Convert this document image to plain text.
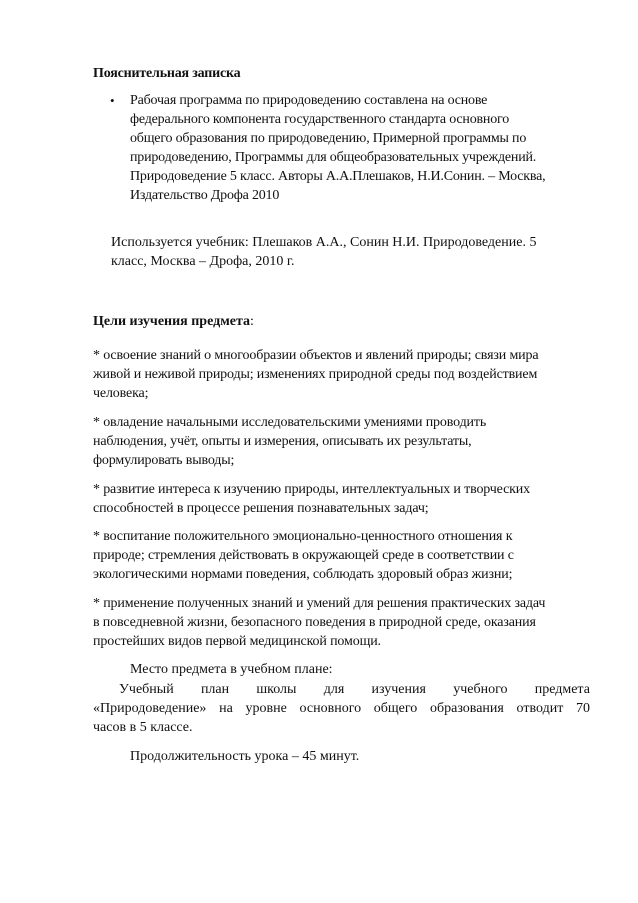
Пояснительная записка
• Рабочая программа по природоведению составлена на основе
федерального компонента государственного стандарта основного
общего образования по природоведению, Примерной программы по
природоведению, Программы для общеобразовательных учреждений.
Природоведение 5 класс. Авторы А.А.Плешаков, Н.И.Сонин. – Москва,
Издательство Дрофа 2010
Используется учебник: Плешаков А.А., Сонин Н.И. Природоведение. 5
класс, Москва – Дрофа, 2010 г.
Цели изучения предмета:
* освоение знаний о многообразии объектов и явлений природы; связи мира
живой и неживой природы; изменениях природной среды под воздействием
человека;
* овладение начальными исследовательскими умениями проводить
наблюдения, учёт, опыты и измерения, описывать их результаты,
формулировать выводы;
* развитие интереса к изучению природы, интеллектуальных и творческих
способностей в процессе решения познавательных задач;
* воспитание положительного эмоционально-ценностного отношения к
природе; стремления действовать в окружающей среде в соответствии с
экологическими нормами поведения, соблюдать здоровый образ жизни;
* применение полученных знаний и умений для решения практических задач
в повседневной жизни, безопасного поведения в природной среде, оказания
простейших видов первой медицинской помощи.
Место предмета в учебном плане:
Учебный план школы для изучения учебного предмета
«Природоведение» на уровне основного общего образования отводит 70
часов в 5 классе.
Продолжительность урока – 45 минут.
